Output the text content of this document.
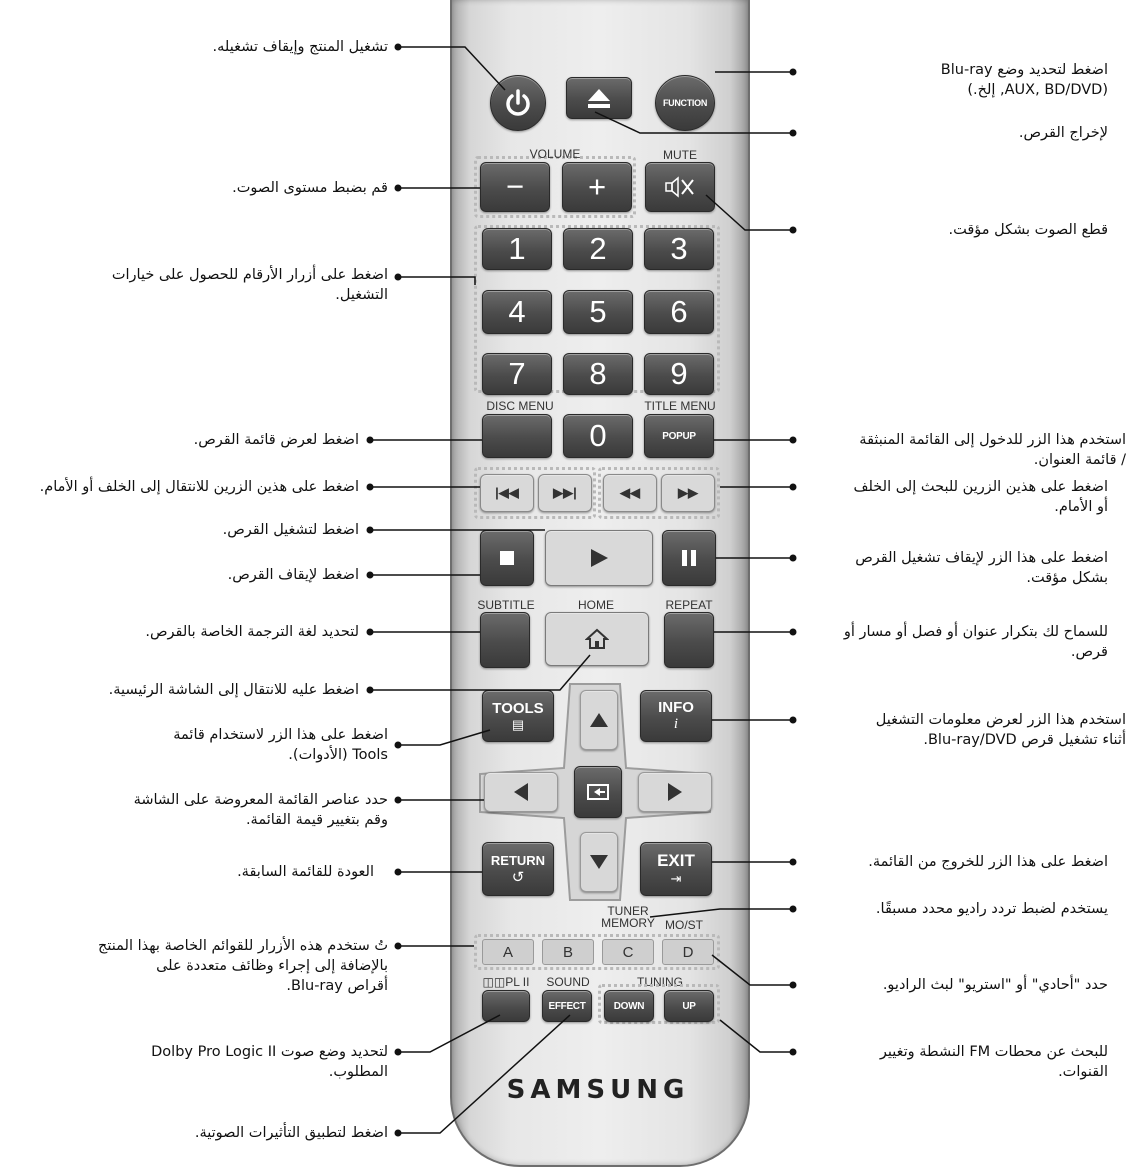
FUNCTION
VOLUME
−	+
MUTE
1	2	3
4	5	6
7	8	9
DISC MENU	TITLE MENU
0	POPUP
|◀◀	▶▶|	◀◀	▶▶
SUBTITLE	HOME	REPEAT
TOOLS
▤
INFO
i
RETURN
↺
EXIT
⇥
TUNER
MEMORY MO/ST
A	B	C	D
◫◫PL II SOUND	TUNING
EFFECT	DOWN	UP
SAMSUNG
تشغيل المنتج وإيقاف تشغيله.
قم بضبط مستوى الصوت.
اضغط على أزرار الأرقام للحصول على خيارات
التشغيل.
اضغط لعرض قائمة القرص.
اضغط على هذين الزرين للانتقال إلى الخلف أو الأمام.
اضغط لتشغيل القرص.
اضغط لإيقاف القرص.
لتحديد لغة الترجمة الخاصة بالقرص.
اضغط عليه للانتقال إلى الشاشة الرئيسية.
اضغط على هذا الزر لاستخدام قائمة
Tools (الأدوات).
حدد عناصر القائمة المعروضة على الشاشة
وقم بتغيير قيمة القائمة.
العودة للقائمة السابقة.
تُ ستخدم هذه الأزرار للقوائم الخاصة بهذا المنتج
بالإضافة إلى إجراء وظائف متعددة على
أقراص Blu-ray.
لتحديد وضع صوت Dolby Pro Logic II
المطلوب.
اضغط لتطبيق التأثيرات الصوتية.
اضغط لتحديد وضع Blu-ray
(AUX, BD/DVD, إلخ.)
لإخراج القرص.
قطع الصوت بشكل مؤقت.
استخدم هذا الزر للدخول إلى القائمة المنبثقة
/ قائمة العنوان.
اضغط على هذين الزرين للبحث إلى الخلف
أو الأمام.
اضغط على هذا الزر لإيقاف تشغيل القرص
بشكل مؤقت.
للسماح لك بتكرار عنوان أو فصل أو مسار أو
قرص.
استخدم هذا الزر لعرض معلومات التشغيل
أثناء تشغيل قرص Blu-ray/DVD.
اضغط على هذا الزر للخروج من القائمة.
يستخدم لضبط تردد راديو محدد مسبقًا.
حدد "أحادي" أو "استريو" لبث الراديو.
للبحث عن محطات FM النشطة وتغيير
القنوات.
